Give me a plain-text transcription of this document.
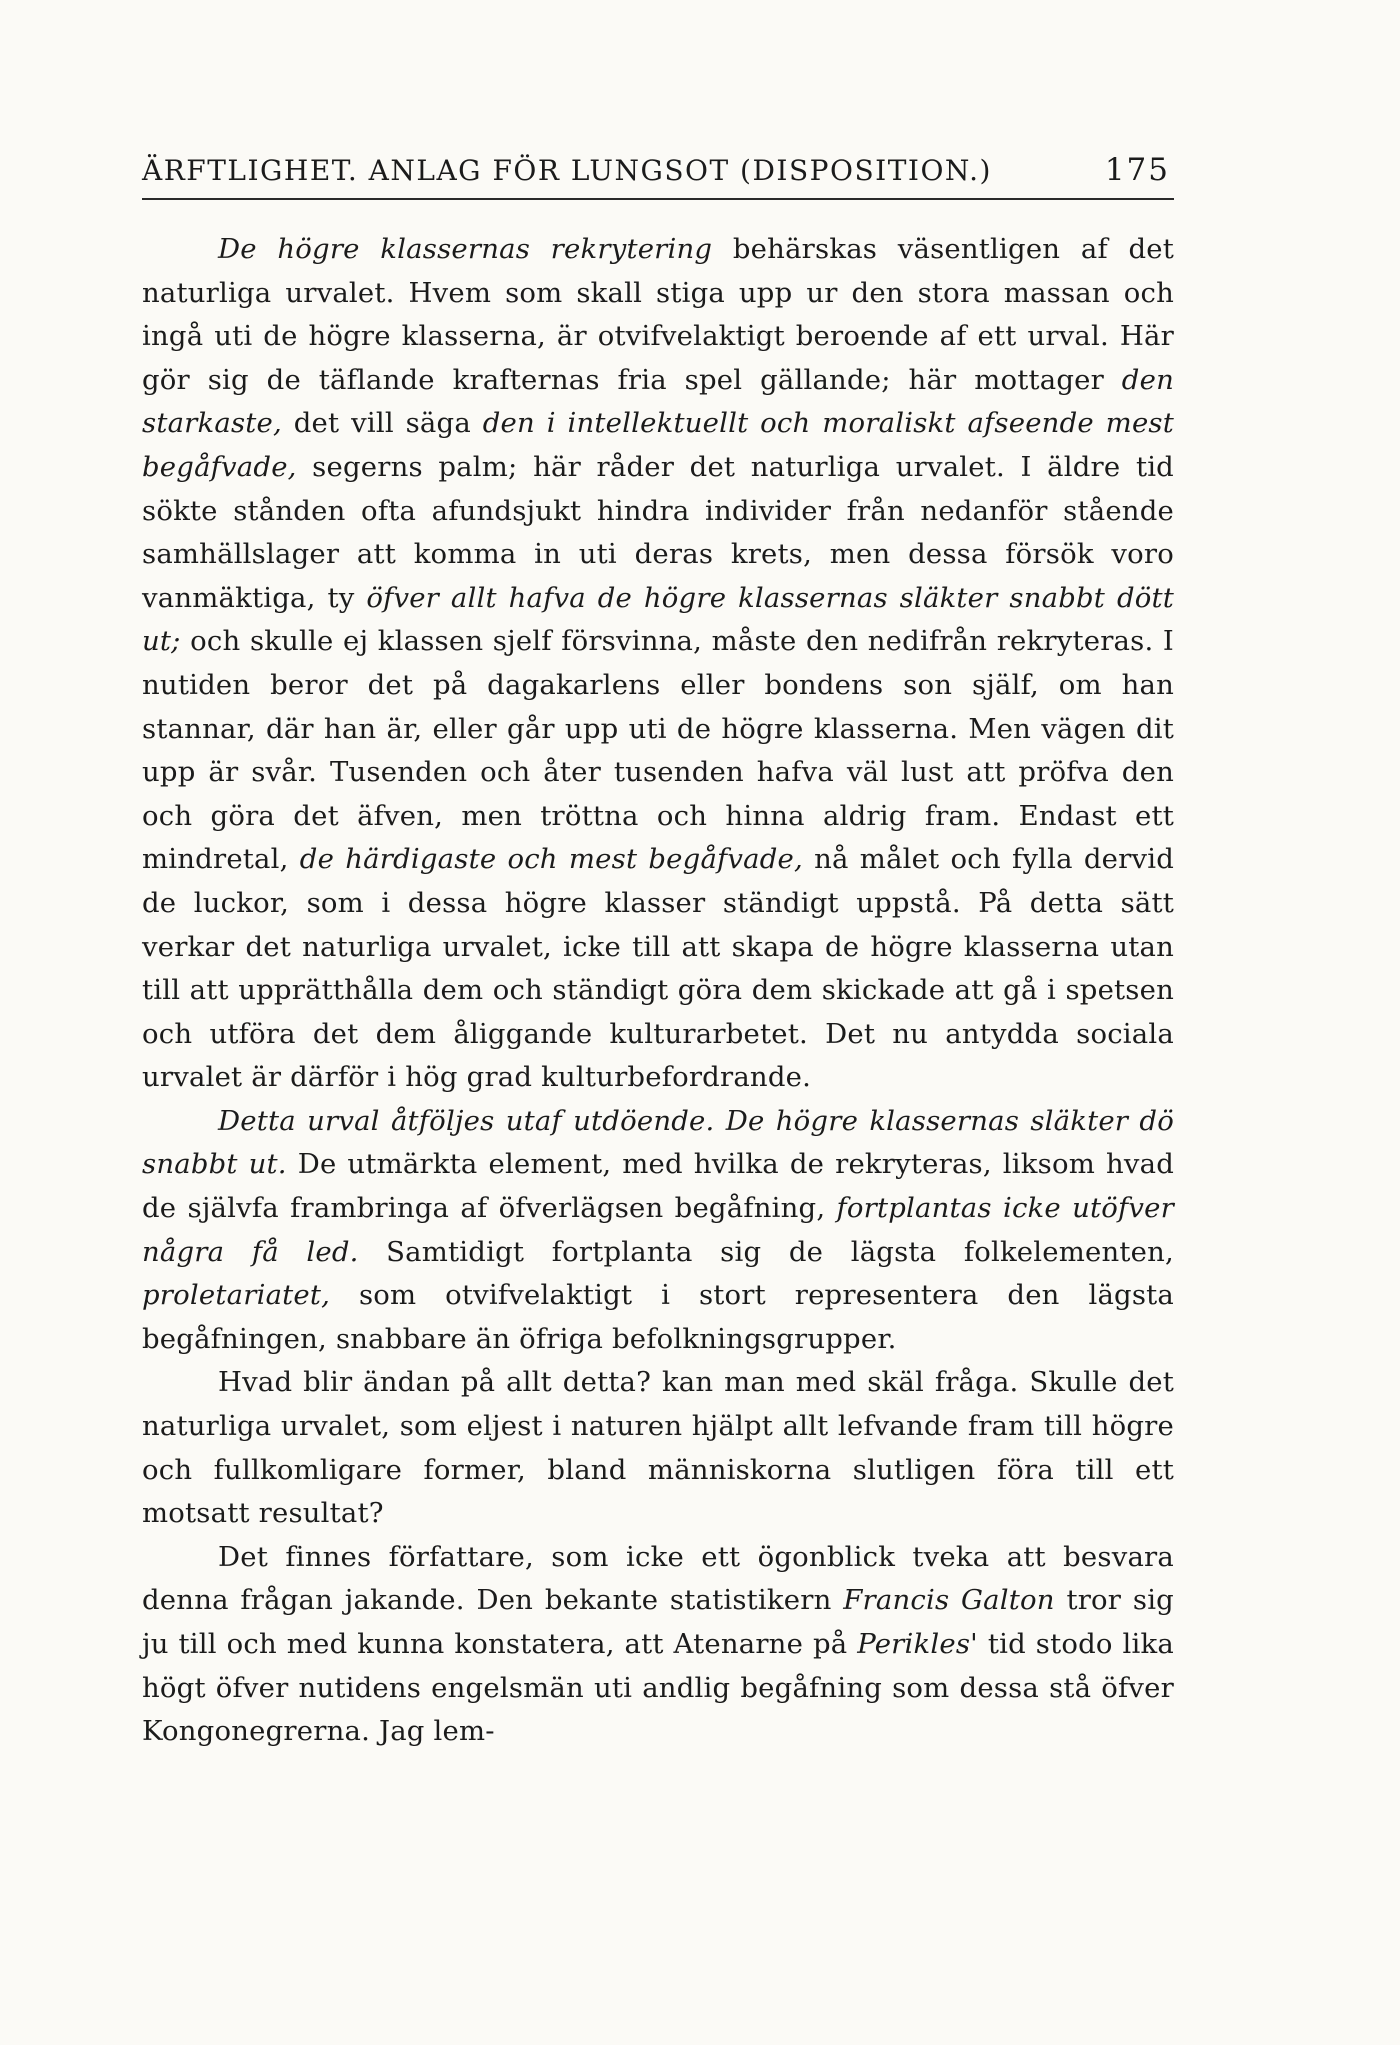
ÄRFTLIGHET. ANLAG FÖR LUNGSOT (DISPOSITION.)	175

De högre klassernas rekrytering behärskas väsentligen af det naturliga urvalet. Hvem som skall stiga upp ur den stora massan och ingå uti de högre klasserna, är otvifvelaktigt beroende af ett urval. Här gör sig de täflande krafternas fria spel gällande; här mottager den starkaste, det vill säga den i intellektuellt och moraliskt afseende mest begåfvade, segerns palm; här råder det naturliga urvalet. I äldre tid sökte stånden ofta afundsjukt hindra individer från nedanför stående samhällslager att komma in uti deras krets, men dessa försök voro vanmäktiga, ty öfver allt hafva de högre klassernas släkter snabbt dött ut; och skulle ej klassen sjelf försvinna, måste den nedifrån rekryteras. I nutiden beror det på dagakarlens eller bondens son själf, om han stannar, där han är, eller går upp uti de högre klasserna. Men vägen dit upp är svår. Tusenden och åter tusenden hafva väl lust att pröfva den och göra det äfven, men tröttna och hinna aldrig fram. Endast ett mindretal, de härdigaste och mest begåfvade, nå målet och fylla dervid de luckor, som i dessa högre klasser ständigt uppstå. På detta sätt verkar det naturliga urvalet, icke till att skapa de högre klasserna utan till att upprätthålla dem och ständigt göra dem skickade att gå i spetsen och utföra det dem åliggande kulturarbetet. Det nu antydda sociala urvalet är därför i hög grad kulturbefordrande.

Detta urval åtföljes utaf utdöende. De högre klassernas släkter dö snabbt ut. De utmärkta element, med hvilka de rekryteras, liksom hvad de självfa frambringa af öfverlägsen begåfning, fortplantas icke utöfver några få led. Samtidigt fortplanta sig de lägsta folkelementen, proletariatet, som otvifvelaktigt i stort representera den lägsta begåfningen, snabbare än öfriga befolkningsgrupper.

Hvad blir ändan på allt detta? kan man med skäl fråga. Skulle det naturliga urvalet, som eljest i naturen hjälpt allt lefvande fram till högre och fullkomligare former, bland människorna slutligen föra till ett motsatt resultat?

Det finnes författare, som icke ett ögonblick tveka att besvara denna frågan jakande. Den bekante statistikern Francis Galton tror sig ju till och med kunna konstatera, att Atenarne på Perikles' tid stodo lika högt öfver nutidens engelsmän uti andlig begåfning som dessa stå öfver Kongonegrerna. Jag lem-
